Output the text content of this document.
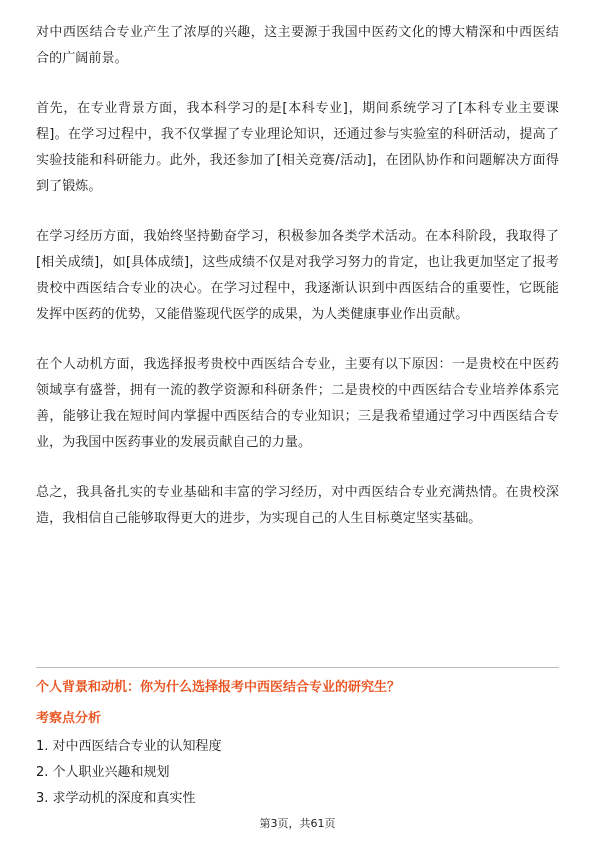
对中西医结合专业产生了浓厚的兴趣，这主要源于我国中医药文化的博大精深和中西医结合的广阔前景。

首先，在专业背景方面，我本科学习的是[本科专业]，期间系统学习了[本科专业主要课程]。在学习过程中，我不仅掌握了专业理论知识，还通过参与实验室的科研活动，提高了实验技能和科研能力。此外，我还参加了[相关竞赛/活动]，在团队协作和问题解决方面得到了锻炼。

在学习经历方面，我始终坚持勤奋学习，积极参加各类学术活动。在本科阶段，我取得了[相关成绩]，如[具体成绩]，这些成绩不仅是对我学习努力的肯定，也让我更加坚定了报考贵校中西医结合专业的决心。在学习过程中，我逐渐认识到中西医结合的重要性，它既能发挥中医药的优势，又能借鉴现代医学的成果，为人类健康事业作出贡献。

在个人动机方面，我选择报考贵校中西医结合专业，主要有以下原因：一是贵校在中医药领域享有盛誉，拥有一流的教学资源和科研条件；二是贵校的中西医结合专业培养体系完善，能够让我在短时间内掌握中西医结合的专业知识；三是我希望通过学习中西医结合专业，为我国中医药事业的发展贡献自己的力量。

总之，我具备扎实的专业基础和丰富的学习经历，对中西医结合专业充满热情。在贵校深造，我相信自己能够取得更大的进步，为实现自己的人生目标奠定坚实基础。

个人背景和动机：你为什么选择报考中西医结合专业的研究生？

考察点分析

1. 对中西医结合专业的认知程度
2. 个人职业兴趣和规划
3. 求学动机的深度和真实性
第3页，共61页
